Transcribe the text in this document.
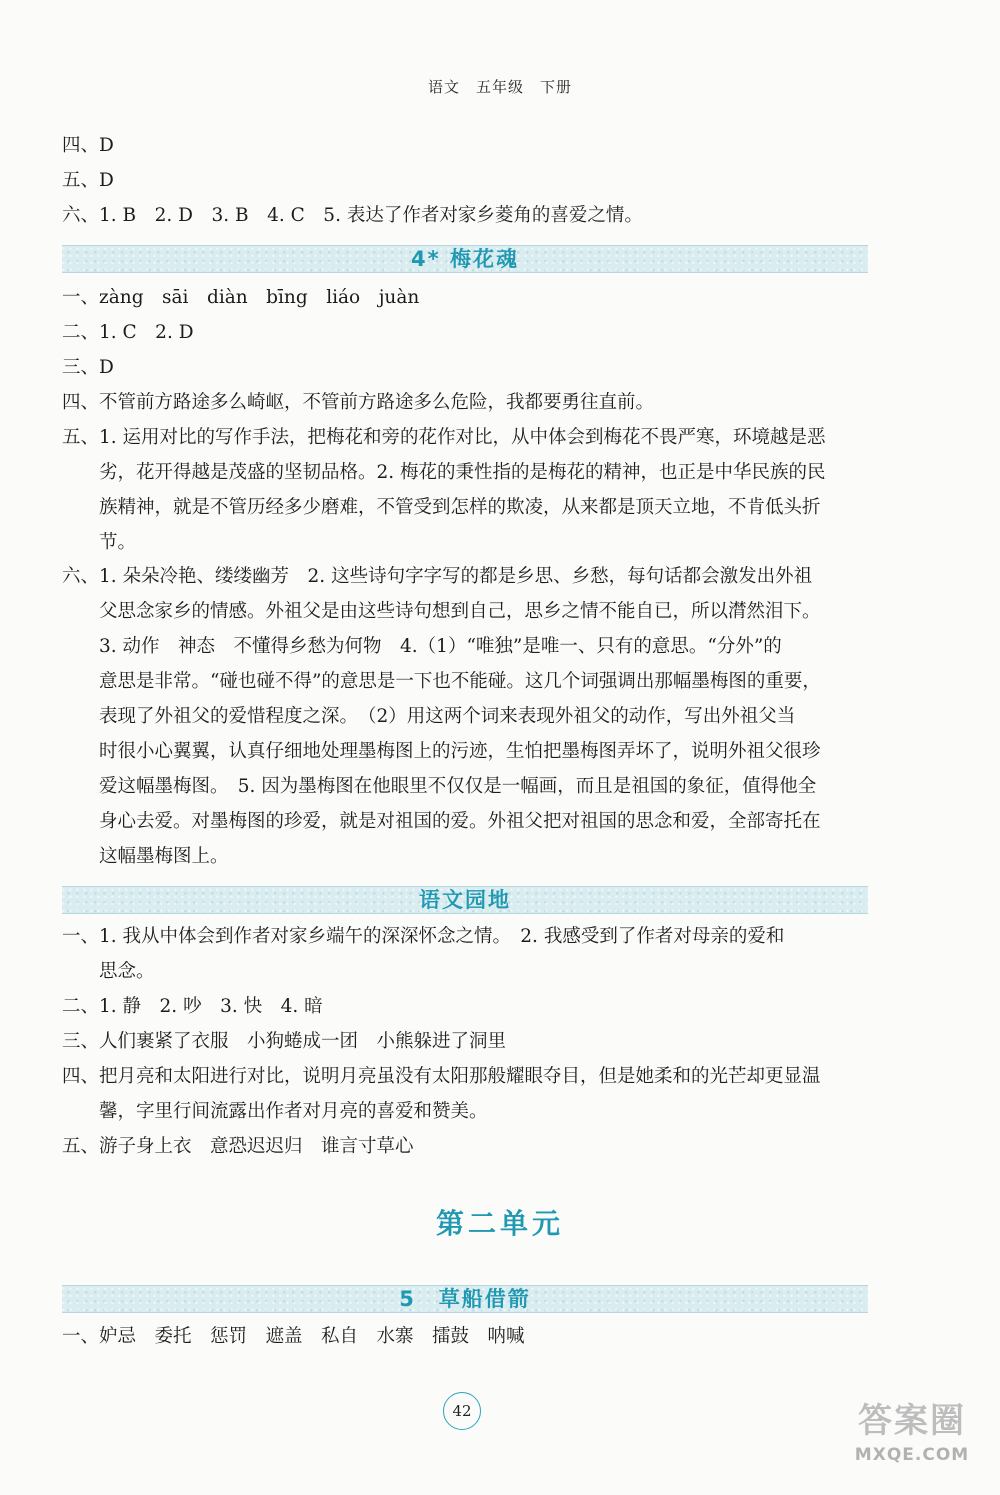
语文　五年级　下册
四、D
五、D
六、1. B　2. D　3. B　4. C　5. 表达了作者对家乡菱角的喜爱之情。
4* 梅花魂
一、zàng　sāi　diàn　bīng　liáo　juàn
二、1. C　2. D
三、D
四、不管前方路途多么崎岖，不管前方路途多么危险，我都要勇往直前。
五、1. 运用对比的写作手法，把梅花和旁的花作对比，从中体会到梅花不畏严寒，环境越是恶
　　劣，花开得越是茂盛的坚韧品格。2. 梅花的秉性指的是梅花的精神，也正是中华民族的民
　　族精神，就是不管历经多少磨难，不管受到怎样的欺凌，从来都是顶天立地，不肯低头折
　　节。
六、1. 朵朵冷艳、缕缕幽芳　2. 这些诗句字字写的都是乡思、乡愁，每句话都会激发出外祖
　　父思念家乡的情感。外祖父是由这些诗句想到自己，思乡之情不能自已，所以潸然泪下。
　　3. 动作　神态　不懂得乡愁为何物　4.（1）“唯独”是唯一、只有的意思。“分外”的
　　意思是非常。“碰也碰不得”的意思是一下也不能碰。这几个词强调出那幅墨梅图的重要，
　　表现了外祖父的爱惜程度之深。　（2）用这两个词来表现外祖父的动作，写出外祖父当
　　时很小心翼翼，认真仔细地处理墨梅图上的污迹，生怕把墨梅图弄坏了，说明外祖父很珍
　　爱这幅墨梅图。　5. 因为墨梅图在他眼里不仅仅是一幅画，而且是祖国的象征，值得他全
　　身心去爱。对墨梅图的珍爱，就是对祖国的爱。外祖父把对祖国的思念和爱，全部寄托在
　　这幅墨梅图上。
语文园地
一、1. 我从中体会到作者对家乡端午的深深怀念之情。　2. 我感受到了作者对母亲的爱和
　　思念。
二、1. 静　2. 吵　3. 快　4. 暗
三、人们裹紧了衣服　小狗蜷成一团　小熊躲进了洞里
四、把月亮和太阳进行对比，说明月亮虽没有太阳那般耀眼夺目，但是她柔和的光芒却更显温
　　馨，字里行间流露出作者对月亮的喜爱和赞美。
五、游子身上衣　意恐迟迟归　谁言寸草心
第二单元
5　草船借箭
一、妒忌　委托　惩罚　遮盖　私自　水寨　擂鼓　呐喊
42	答案圈
MXQE.COM
